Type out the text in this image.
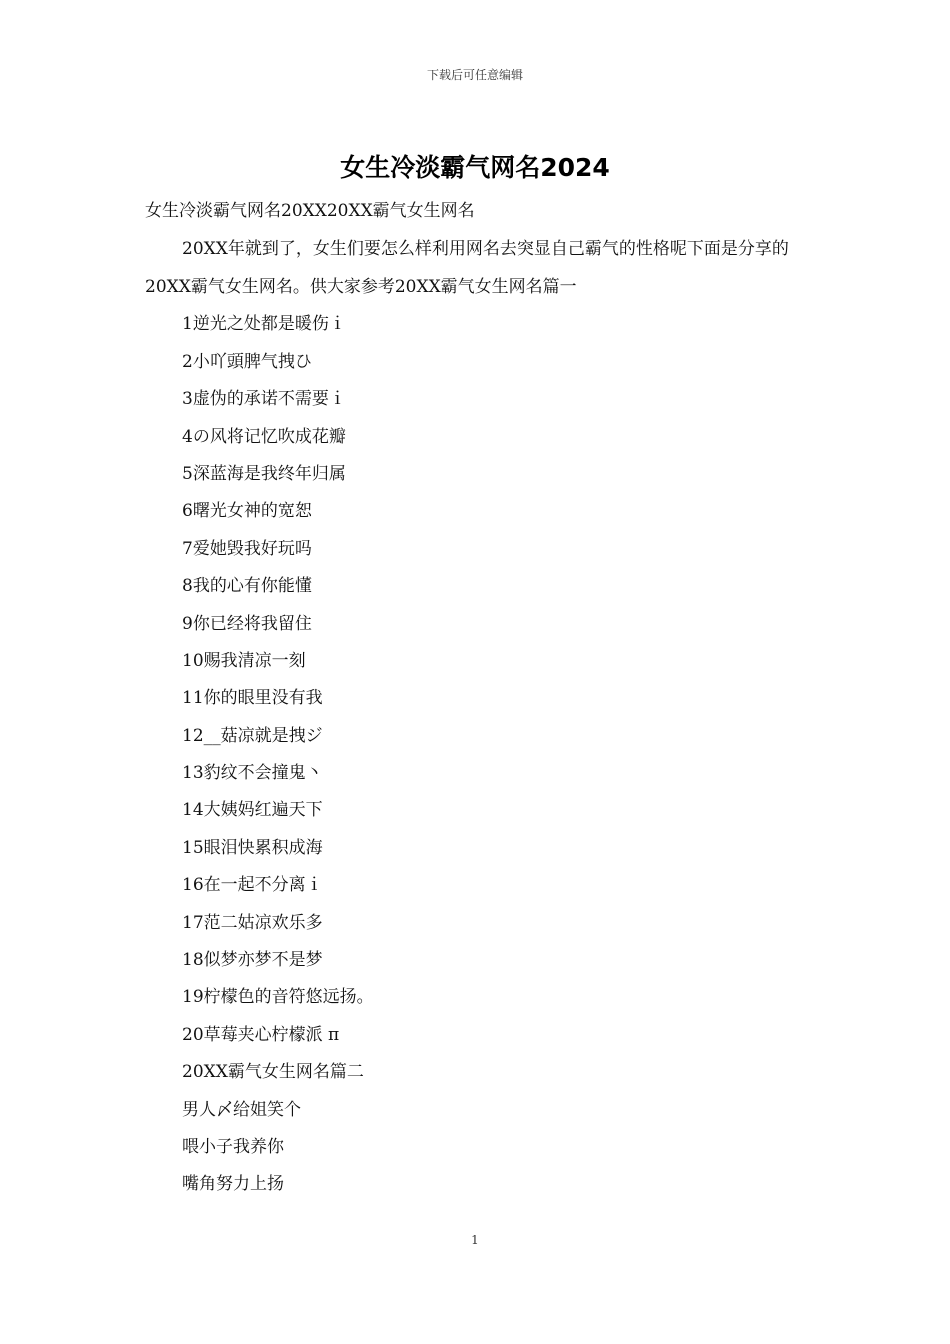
下载后可任意编辑
女生冷淡霸气网名2024
女生冷淡霸气网名20XX20XX霸气女生网名

20XX年就到了，女生们要怎么样利用网名去突显自己霸气的性格呢下面是分享的20XX霸气女生网名。供大家参考20XX霸气女生网名篇一

1逆光之处都是暖伤ｉ
2小吖頭脾气拽ひ
3虚伪的承诺不需要ｉ
4の风将记忆吹成花瓣
5深蓝海是我终年归属
6曙光女神的宽恕
7爱她毁我好玩吗
8我的心有你能懂
9你已经将我留住
10赐我清凉一刻
11你的眼里没有我
12__菇凉就是拽ジ
13豹纹不会撞鬼丶
14大姨妈红遍天下
15眼泪快累积成海
16在一起不分离ｉ
17范二姑凉欢乐多
18似梦亦梦不是梦
19柠檬色的音符悠远扬。
20草莓夹心柠檬派 π
20XX霸气女生网名篇二
男人〆给姐笑个
喂小子我养你
嘴角努力上扬
1
